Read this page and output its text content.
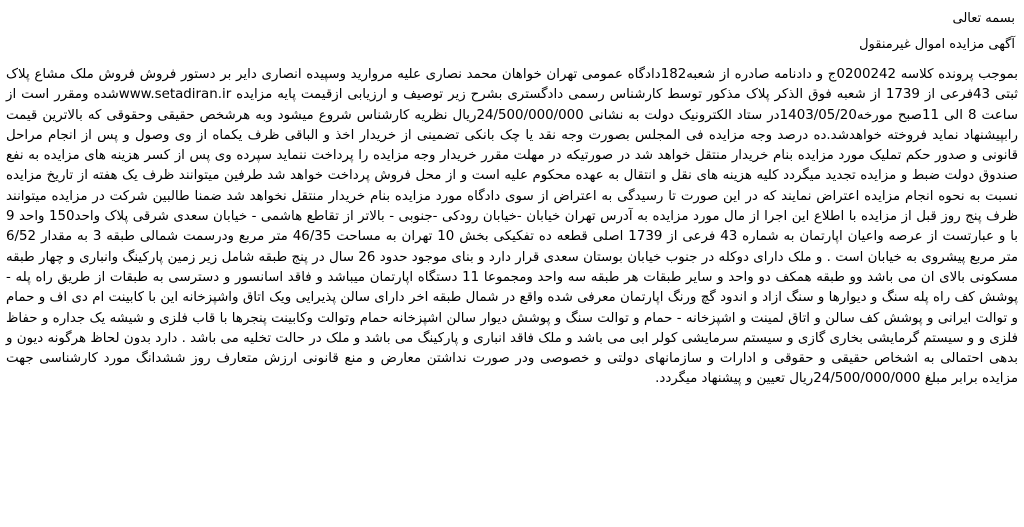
بسمه تعالی
آگهی مزایده اموال غیرمنقول

بموجب پرونده کلاسه 0200242ج و دادنامه صادره از شعبه182دادگاه عمومی تهران خواهان محمد نصاری علیه مروارید وسپیده انصاری دایر بر دستور فروش فروش ملک مشاع پلاک ثبتی 43فرعی از 1739 از شعبه فوق الذکر پلاک مذکور توسط کارشناس رسمی دادگستری بشرح زیر توصیف و ارزیابی ازقیمت پایه مزایده www.setadiran.irشده ومقرر است از ساعت 8 الی 11صبح مورخه1403/05/20در ستاد الکترونیک دولت به نشانی 24/500/000/000ریال نظریه کارشناس شروع میشود وبه هرشخص حقیقی وحقوقی که بالاترین قیمت رابپیشنهاد نماید فروخته خواهدشد.ده درصد وجه مزایده فی المجلس بصورت وجه نقد یا چک بانکی تضمینی از خریدار اخذ و الباقی ظرف یکماه از وی وصول و پس از انجام مراحل قانونی و صدور حکم تملیک مورد مزایده بنام خریدار منتقل خواهد شد در صورتیکه در مهلت مقرر خریدار وجه مزایده را پرداخت ننماید سپرده وی پس از کسر هزینه های مزایده به نفع صندوق دولت ضبط و مزایده تجدید میگردد کلیه هزینه های نقل و انتقال به عهده محکوم علیه است و از محل فروش پرداخت خواهد شد طرفین میتوانند ظرف یک هفته از تاریخ مزایده نسبت به نحوه انجام مزایده اعتراض نمایند که در این صورت تا رسیدگی به اعتراض از سوی دادگاه مورد مزایده بنام خریدار منتقل نخواهد شد ضمنا طالبین شرکت در مزایده میتوانند ظرف پنج روز قبل از مزایده با اطلاع این اجرا از مال مورد مزایده به آدرس تهران خیابان -خیابان رودکی -جنوبی - بالاتر از تقاطع هاشمی - خیابان سعدی شرقی پلاک واحد150 واحد 9 با و عبارتست از عرصه واعیان اپارتمان به شماره 43 فرعی از 1739 اصلی قطعه ده تفکیکی بخش 10 تهران به مساحت 46/35 متر مربع ودرسمت شمالی طبقه 3 به مقدار 6/52 متر مربع پیشروی به خیابان است . و ملک دارای دوکله در جنوب خیابان بوستان سعدی قرار دارد و بنای موجود حدود 26 سال در پنج طبقه شامل زیر زمین پارکینگ وانباری و چهار طبقه مسکونی بالای ان می باشد وو طبقه همکف دو واحد و سایر طبقات هر طبقه سه واحد ومجموعا 11 دستگاه اپارتمان میباشد و فاقد اسانسور و دسترسی به طبقات از طریق راه پله - پوشش کف راه پله سنگ و دیوارها و سنگ ازاد و اندود گچ ورنگ اپارتمان معرفی شده واقع در شمال طبقه اخر دارای سالن پذیرایی ویک اتاق واشپزخانه این با کابینت ام دی اف و حمام و توالت ایرانی و پوشش کف سالن و اتاق لمینت و اشپزخانه - حمام و توالت سنگ و پوشش دیوار سالن اشپزخانه حمام وتوالت وکابینت پنجرها با قاب فلزی و شیشه یک جداره و حفاظ فلزی و و سیستم گرمایشی بخاری گازی و سیستم سرمایشی کولر ابی می باشد و ملک فاقد انباری و پارکینگ می باشد و ملک در حالت تخلیه می باشد . دارد بدون لحاظ هرگونه دیون و بدهی احتمالی به اشخاص حقیقی و حقوقی و ادارات و سازمانهای دولتی و خصوصی ودر صورت نداشتن معارض و منع قانونی ارزش متعارف روز ششدانگ مورد کارشناسی جهت مزایده برابر مبلغ 24/500/000/000ریال تعیین و پیشنهاد میگردد.
